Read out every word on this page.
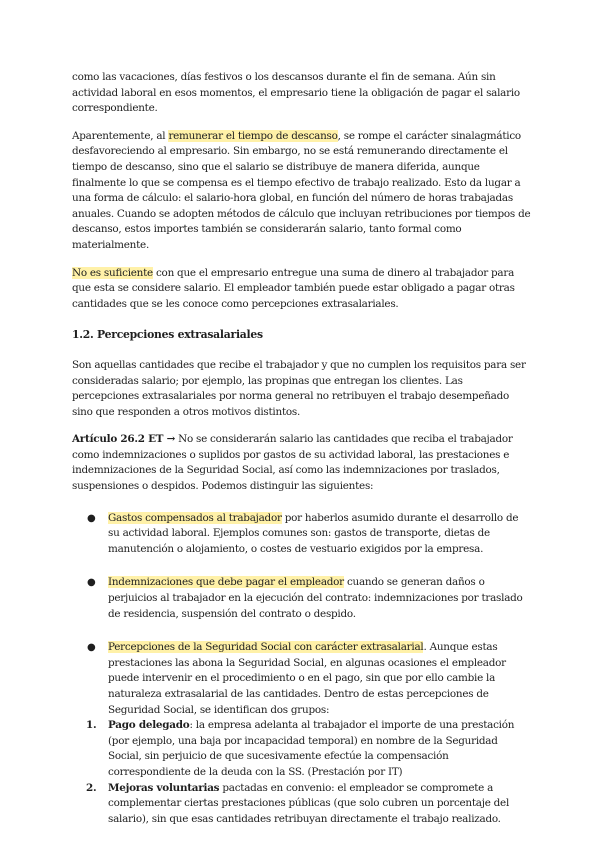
como las vacaciones, días festivos o los descansos durante el fin de semana. Aún sin actividad laboral en esos momentos, el empresario tiene la obligación de pagar el salario correspondiente.

Aparentemente, al remunerar el tiempo de descanso, se rompe el carácter sinalagmático desfavoreciendo al empresario. Sin embargo, no se está remunerando directamente el tiempo de descanso, sino que el salario se distribuye de manera diferida, aunque finalmente lo que se compensa es el tiempo efectivo de trabajo realizado. Esto da lugar a una forma de cálculo: el salario-hora global, en función del número de horas trabajadas anuales. Cuando se adopten métodos de cálculo que incluyan retribuciones por tiempos de descanso, estos importes también se considerarán salario, tanto formal como materialmente.

No es suficiente con que el empresario entregue una suma de dinero al trabajador para que esta se considere salario. El empleador también puede estar obligado a pagar otras cantidades que se les conoce como percepciones extrasalariales.

1.2. Percepciones extrasalariales

Son aquellas cantidades que recibe el trabajador y que no cumplen los requisitos para ser consideradas salario; por ejemplo, las propinas que entregan los clientes. Las percepciones extrasalariales por norma general no retribuyen el trabajo desempeñado sino que responden a otros motivos distintos.

Artículo 26.2 ET → No se considerarán salario las cantidades que reciba el trabajador como indemnizaciones o suplidos por gastos de su actividad laboral, las prestaciones e indemnizaciones de la Seguridad Social, así como las indemnizaciones por traslados, suspensiones o despidos. Podemos distinguir las siguientes:

● Gastos compensados al trabajador por haberlos asumido durante el desarrollo de su actividad laboral. Ejemplos comunes son: gastos de transporte, dietas de manutención o alojamiento, o costes de vestuario exigidos por la empresa.
● Indemnizaciones que debe pagar el empleador cuando se generan daños o perjuicios al trabajador en la ejecución del contrato: indemnizaciones por traslado de residencia, suspensión del contrato o despido.
● Percepciones de la Seguridad Social con carácter extrasalarial. Aunque estas prestaciones las abona la Seguridad Social, en algunas ocasiones el empleador puede intervenir en el procedimiento o en el pago, sin que por ello cambie la naturaleza extrasalarial de las cantidades. Dentro de estas percepciones de Seguridad Social, se identifican dos grupos:
1. Pago delegado: la empresa adelanta al trabajador el importe de una prestación (por ejemplo, una baja por incapacidad temporal) en nombre de la Seguridad Social, sin perjuicio de que sucesivamente efectúe la compensación correspondiente de la deuda con la SS. (Prestación por IT)
2. Mejoras voluntarias pactadas en convenio: el empleador se compromete a complementar ciertas prestaciones públicas (que solo cubren un porcentaje del salario), sin que esas cantidades retribuyan directamente el trabajo realizado.
